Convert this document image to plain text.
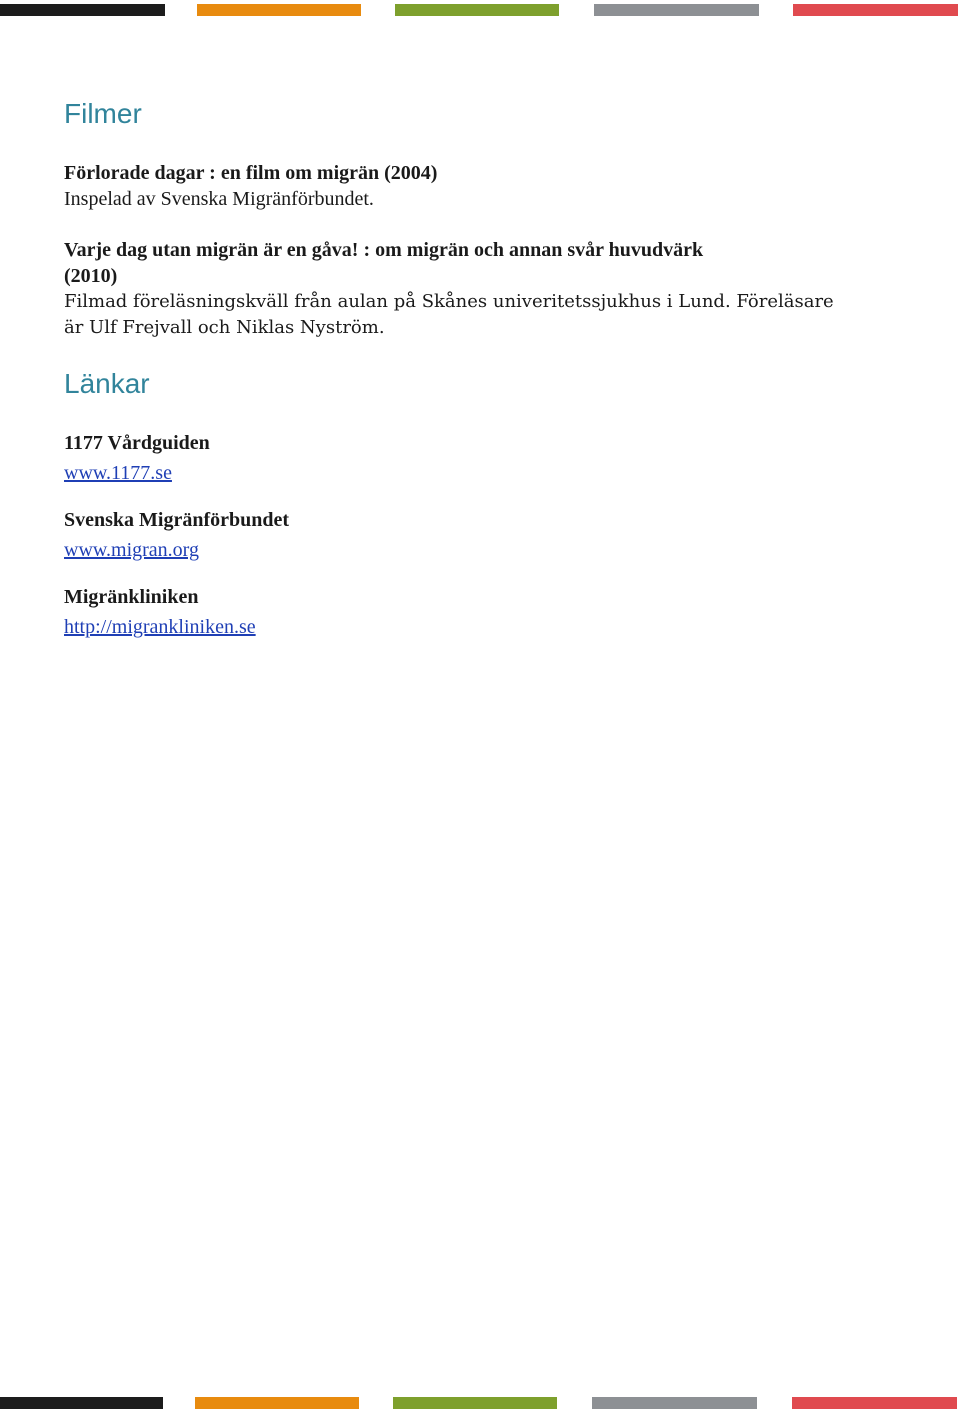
Filmer

Förlorade dagar : en film om migrän (2004)

Inspelad av Svenska Migränförbundet.

Varje dag utan migrän är en gåva! : om migrän och annan svår huvudvärk

(2010)

Filmad föreläsningskväll från aulan på Skånes univeritetssjukhus i Lund. Föreläsare

är Ulf Frejvall och Niklas Nyström.

Länkar

1177 Vårdguiden

www.1177.se

Svenska Migränförbundet

www.migran.org

Migränkliniken

http://migrankliniken.se
